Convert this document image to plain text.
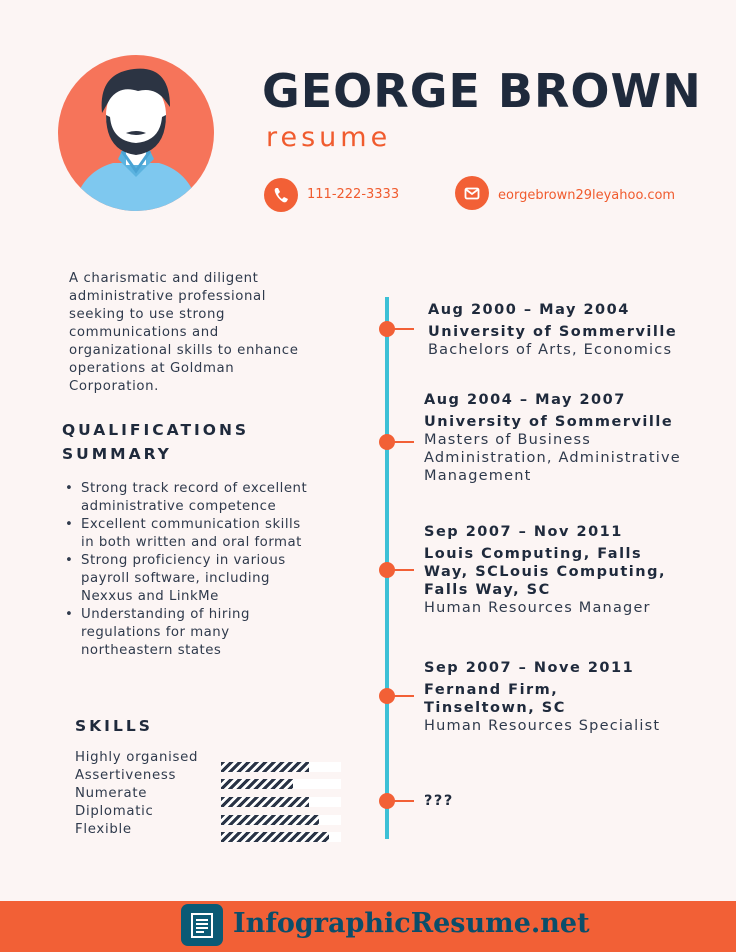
GEORGE BROWN
resume
111-222-3333	eorgebrown29leyahoo.com
A charismatic and diligent administrative professional seeking to use strong communications and organizational skills to enhance operations at Goldman Corporation.
QUALIFICATIONS
SUMMARY
• Strong track record of excellent administrative competence
• Excellent communication skills in both written and oral format
• Strong proficiency in various payroll software, including Nexxus and LinkMe
• Understanding of hiring regulations for many northeastern states
SKILLS
Highly organised
Assertiveness
Numerate
Diplomatic
Flexible
Aug 2000 – May 2004
University of Sommerville
Bachelors of Arts, Economics
Aug 2004 – May 2007
University of Sommerville
Masters of Business Administration, Administrative Management
Sep 2007 – Nov 2011
Louis Computing, Falls Way, SCLouis Computing, Falls Way, SC
Human Resources Manager
Sep 2007 – Nove 2011
Fernand Firm, Tinseltown, SC
Human Resources Specialist
???
InfographicResume.net
